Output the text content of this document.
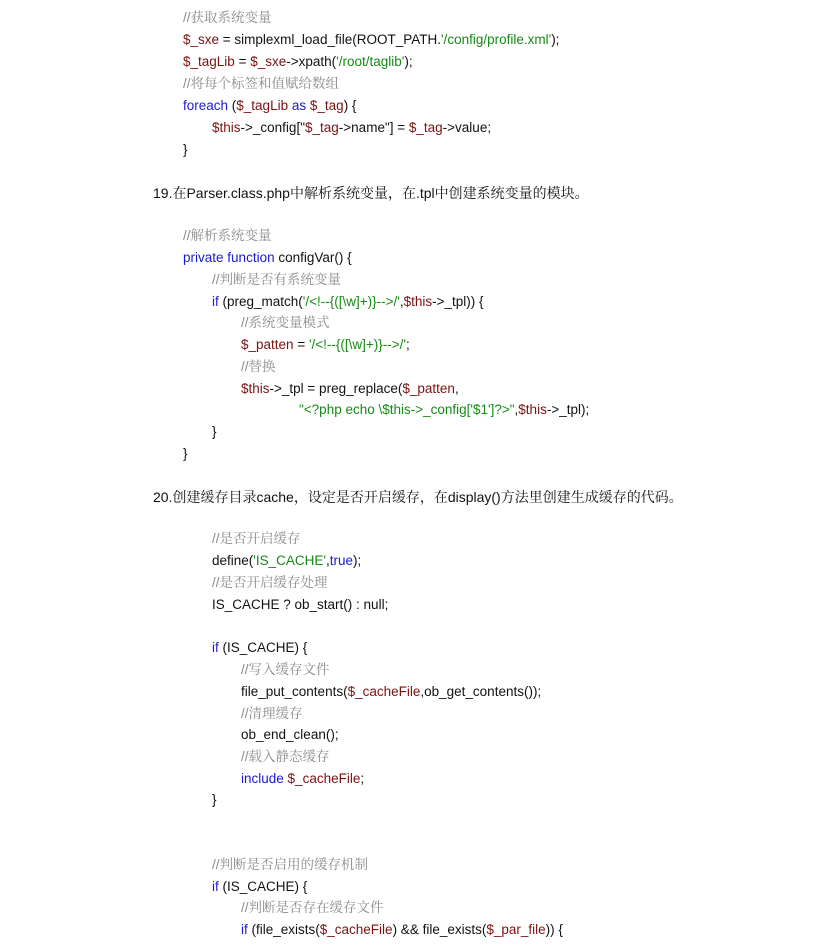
//获取系统变量
$_sxe = simplexml_load_file(ROOT_PATH.'/config/profile.xml');
$_tagLib = $_sxe->xpath('/root/taglib');
//将每个标签和值赋给数组
foreach ($_tagLib as $_tag) {
$this->_config["$_tag->name"] = $_tag->value;
}
19.在Parser.class.php中解析系统变量，在.tpl中创建系统变量的模块。
//解析系统变量
private function configVar() {
//判断是否有系统变量
if (preg_match('/<!--{([\w]+)}-->/',$this->_tpl)) {
//系统变量模式
$_patten = '/<!--{([\w]+)}-->/';
//替换
$this->_tpl = preg_replace($_patten,
"<?php echo \$this->_config['$1']?>",$this->_tpl);
}
}
20.创建缓存目录cache，设定是否开启缓存，在display()方法里创建生成缓存的代码。
//是否开启缓存
define('IS_CACHE',true);
//是否开启缓存处理
IS_CACHE ? ob_start() : null;
if (IS_CACHE) {
//写入缓存文件
file_put_contents($_cacheFile,ob_get_contents());
//清理缓存
ob_end_clean();
//载入静态缓存
include $_cacheFile;
}
//判断是否启用的缓存机制
if (IS_CACHE) {
//判断是否存在缓存文件
if (file_exists($_cacheFile) && file_exists($_par_file)) {
